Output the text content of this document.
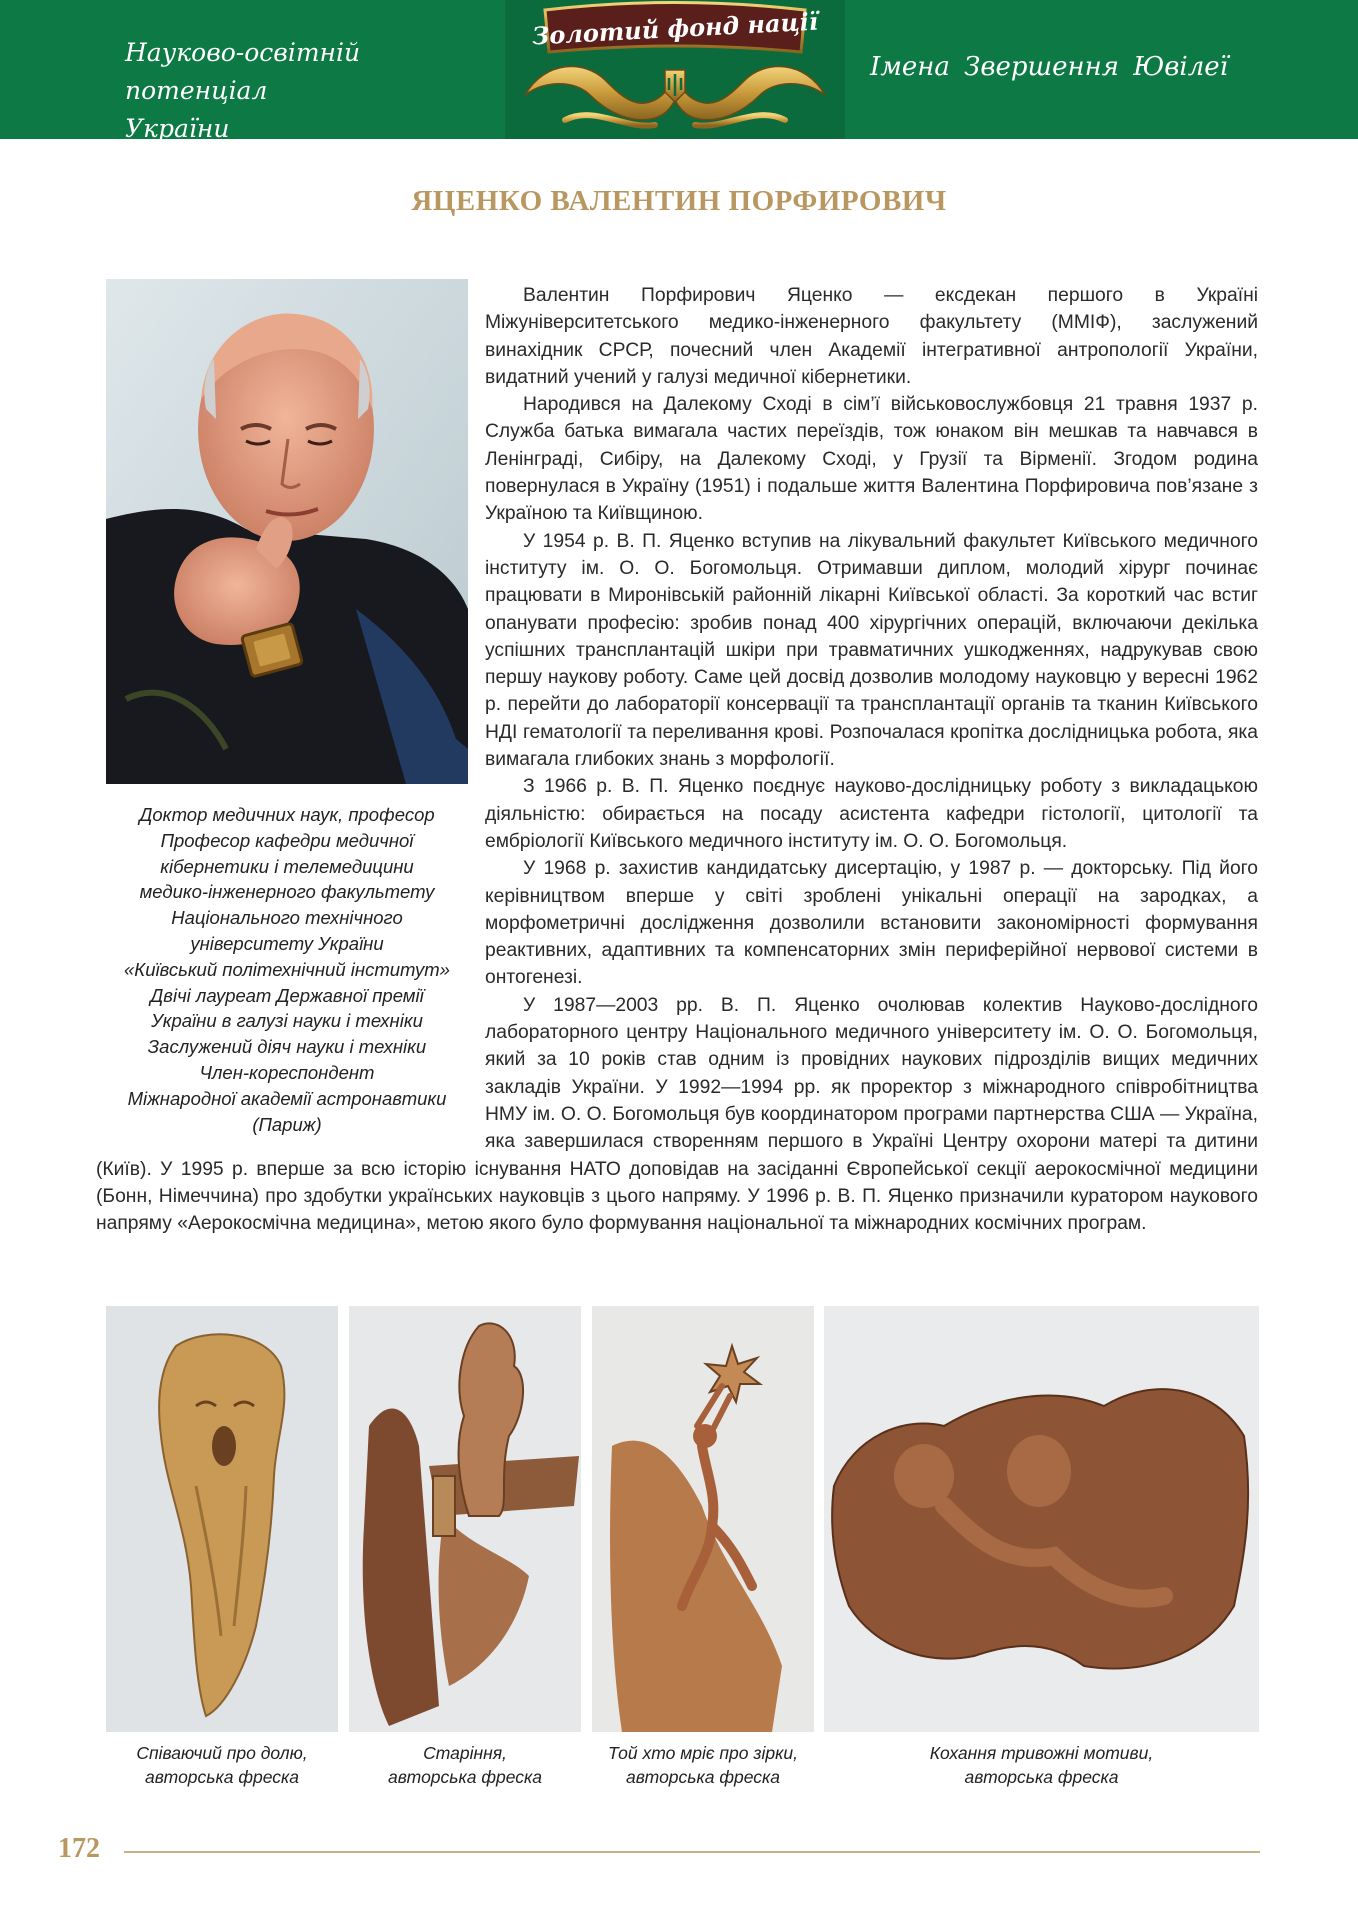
Науково-освітній
потенціал України
Золотий фонд нації
Імена Звершення Ювілеї
ЯЦЕНКО ВАЛЕНТИН ПОРФИРОВИЧ
Доктор медичних наук, професор
Професор кафедри медичної
кібернетики і телемедицини
медико-інженерного факультету
Національного технічного
університету України
«Київський політехнічний інститут»
Двічі лауреат Державної премії
України в галузі науки і техніки
Заслужений діяч науки і техніки
Член-кореспондент
Міжнародної академії астронавтики
(Париж)

Валентин Порфирович Яценко — ексдекан першого в Україні Міжуніверситетського медико-інженерного факультету (ММІФ), заслужений винахідник СРСР, почесний член Академії інтегративної антропології України, видатний учений у галузі медичної кібернетики.

Народився на Далекому Сході в сім’ї військовослужбовця 21 травня 1937 р. Служба батька вимагала частих переїздів, тож юнаком він мешкав та навчався в Ленінграді, Сибіру, на Далекому Сході, у Грузії та Вірменії. Згодом родина повернулася в Україну (1951) і подальше життя Валентина Порфировича пов’язане з Україною та Київщиною.

У 1954 р. В. П. Яценко вступив на лікувальний факультет Київського медичного інституту ім. О. О. Богомольця. Отримавши диплом, молодий хірург починає працювати в Миронівській районній лікарні Київської області. За короткий час встиг опанувати професію: зробив понад 400 хірургічних операцій, включаючи декілька успішних трансплантацій шкіри при травматичних ушкодженнях, надрукував свою першу наукову роботу. Саме цей досвід дозволив молодому науковцю у вересні 1962 р. перейти до лабораторії консервації та трансплантації органів та тканин Київського НДІ гематології та переливання крові. Розпочалася кропітка дослідницька робота, яка вимагала глибоких знань з морфології.

З 1966 р. В. П. Яценко поєднує науково-дослідницьку роботу з викладацькою діяльністю: обирається на посаду асистента кафедри гістології, цитології та ембріології Київського медичного інституту ім. О. О. Богомольця.

У 1968 р. захистив кандидатську дисертацію, у 1987 р. — докторську. Під його керівництвом вперше у світі зроблені унікальні операції на зародках, а морфометричні дослідження дозволили встановити закономірності формування реактивних, адаптивних та компенсаторних змін периферійної нервової системи в онтогенезі.

У 1987—2003 рр. В. П. Яценко очолював колектив Науково-дослідного лабораторного центру Національного медичного університету ім. О. О. Богомольця, який за 10 років став одним із провідних наукових підрозділів вищих медичних закладів України. У 1992—1994 рр. як проректор з міжнародного співробітництва НМУ ім. О. О. Богомольця був координатором програми партнерства США — Україна, яка завершилася створенням першого в Україні Центру охорони матері та дитини (Київ). У 1995 р. вперше за всю історію існування НАТО доповідав на засіданні Європейської секції аерокосмічної медицини (Бонн, Німеччина) про здобутки українських науковців з цього напряму. У 1996 р. В. П. Яценко призначили куратором наукового напряму «Аерокосмічна медицина», метою якого було формування національної та міжнародних космічних програм.

Співаючий про долю,
авторська фреска
Старіння,
авторська фреска
Той хто мріє про зірки,
авторська фреска
Кохання тривожні мотиви,
авторська фреска
172
